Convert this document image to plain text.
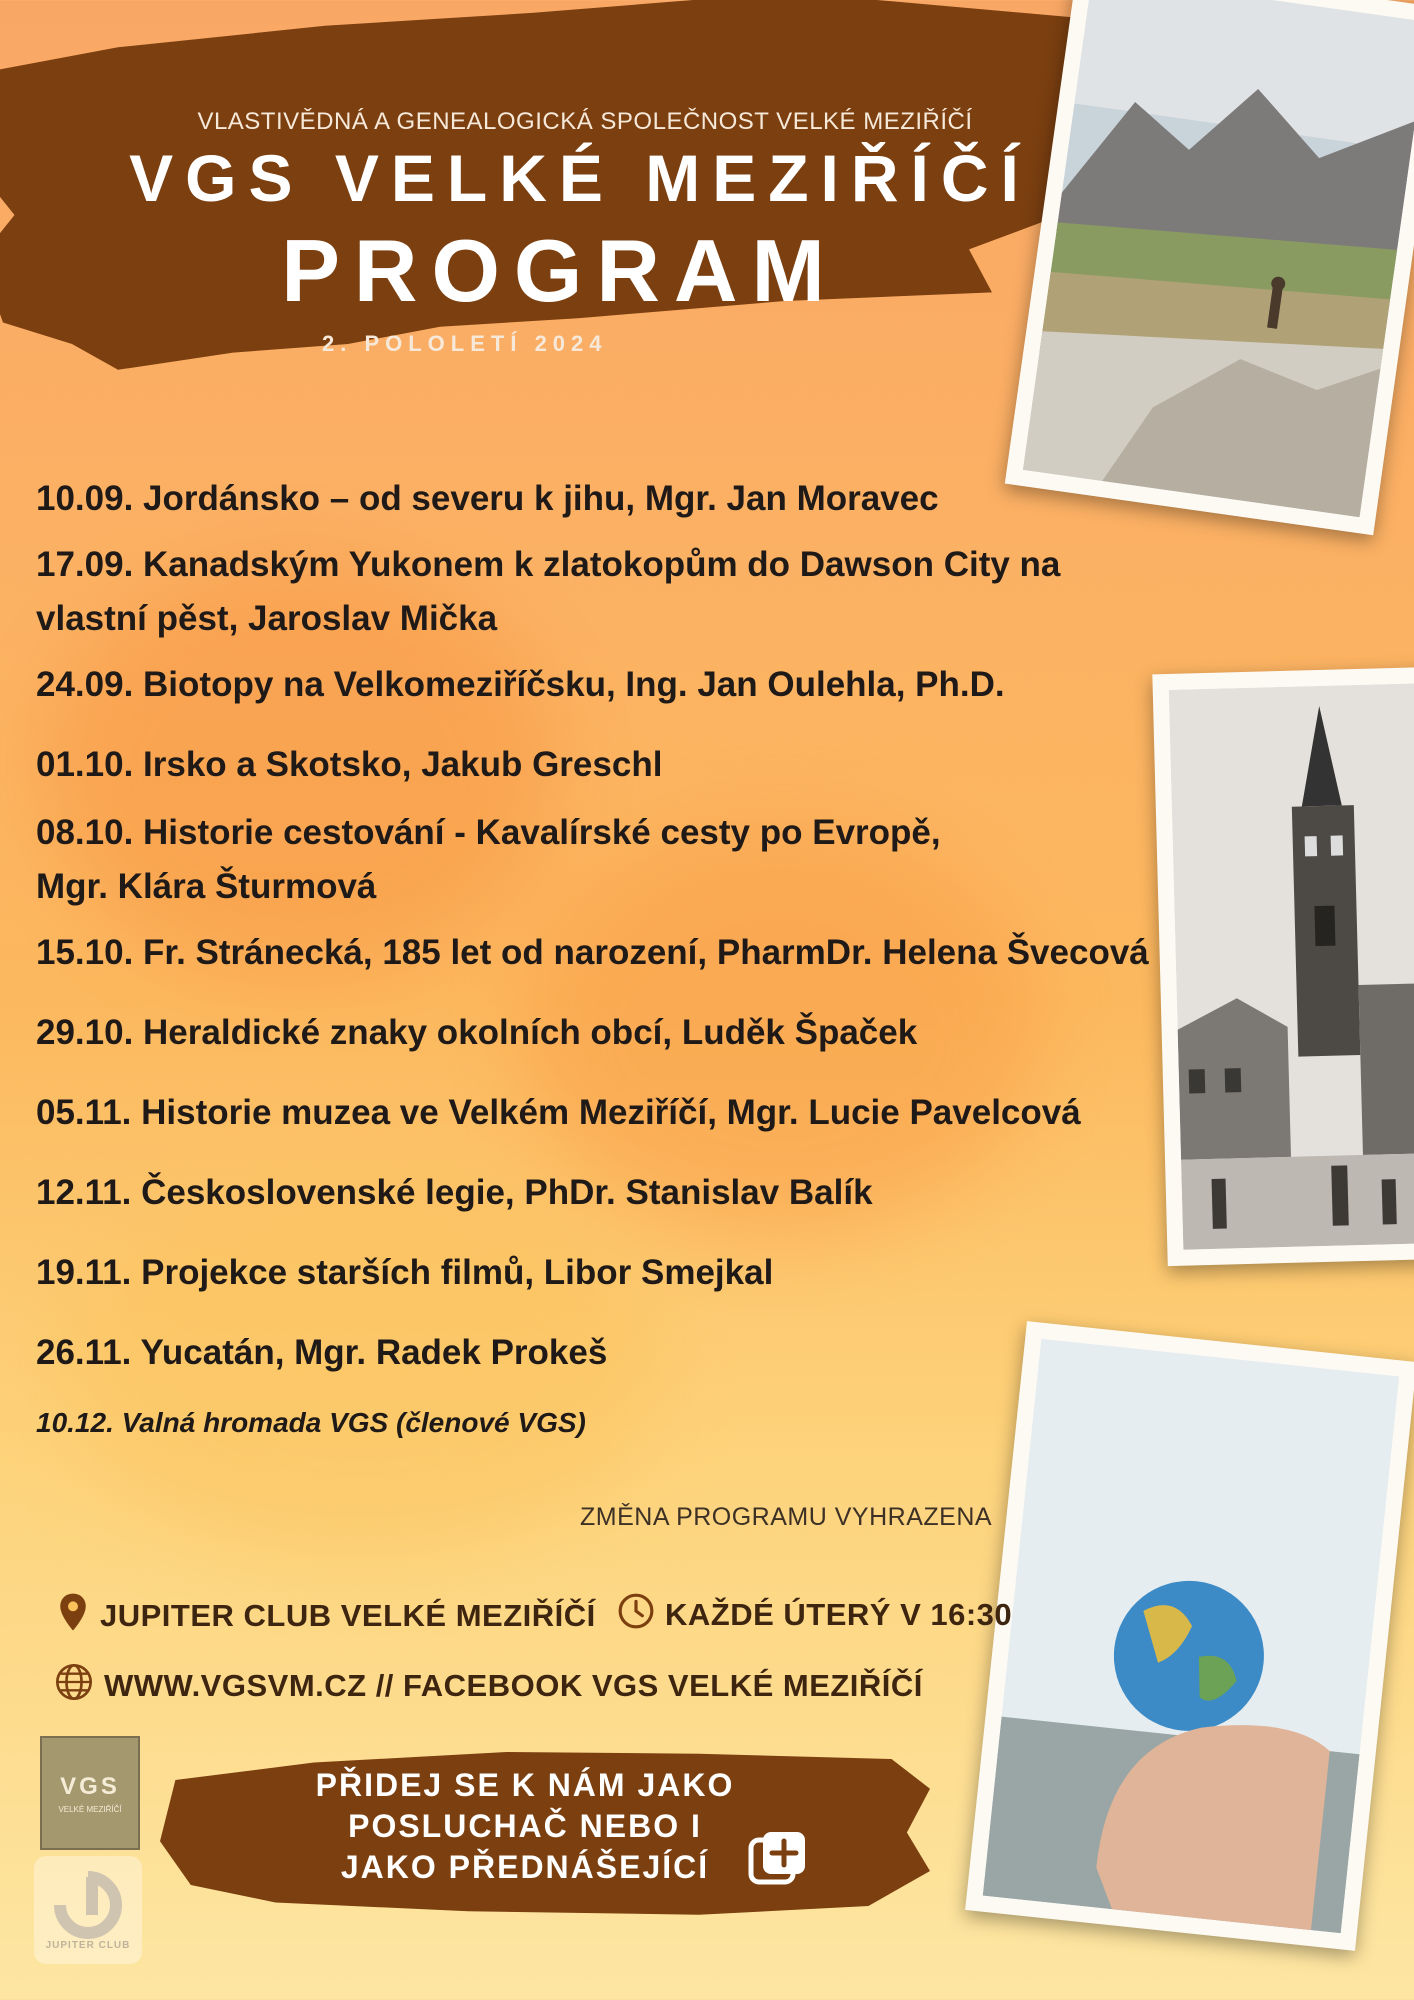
VLASTIVĚDNÁ A GENEALOGICKÁ SPOLEČNOST VELKÉ MEZIŘÍČÍ
VGS VELKÉ MEZIŘÍČÍ
PROGRAM
2. POLOLETÍ 2024
10.09. Jordánsko – od severu k jihu, Mgr. Jan Moravec
17.09. Kanadským Yukonem k zlatokopům do Dawson City na
vlastní pěst, Jaroslav Mička
24.09. Biotopy na Velkomeziříčsku, Ing. Jan Oulehla, Ph.D.
01.10. Irsko a Skotsko, Jakub Greschl
08.10. Historie cestování - Kavalírské cesty po Evropě,
Mgr. Klára Šturmová
15.10. Fr. Stránecká, 185 let od narození, PharmDr. Helena Švecová
29.10. Heraldické znaky okolních obcí, Luděk Špaček
05.11. Historie muzea ve Velkém Meziříčí, Mgr. Lucie Pavelcová
12.11. Československé legie, PhDr. Stanislav Balík
19.11. Projekce starších filmů, Libor Smejkal
26.11. Yucatán, Mgr. Radek Prokeš
10.12. Valná hromada VGS (členové VGS)
ZMĚNA PROGRAMU VYHRAZENA
JUPITER CLUB VELKÉ MEZIŘÍČÍ KAŽDÉ ÚTERÝ V 16:30
WWW.VGSVM.CZ // FACEBOOK VGS VELKÉ MEZIŘÍČÍ
VGS
VELKÉ MEZIŘÍČÍ
JUPITER CLUB
PŘIDEJ SE K NÁM JAKO
POSLUCHAČ NEBO I
JAKO PŘEDNÁŠEJÍCÍ
